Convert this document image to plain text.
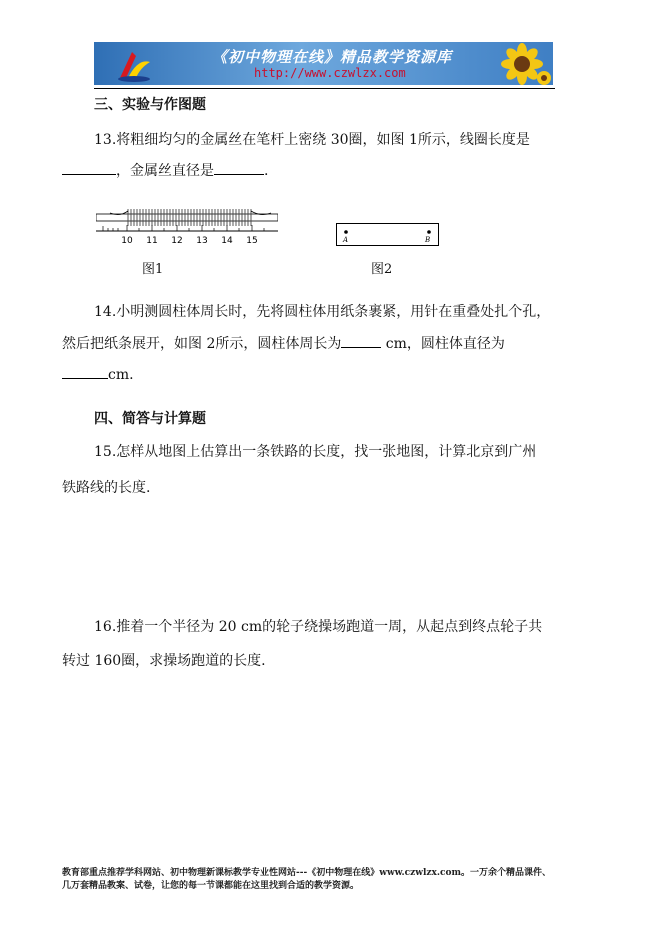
《初中物理在线》精品教学资源库
http://www.czwlzx.com
三、实验与作图题
13.将粗细均匀的金属丝在笔杆上密绕 30圈，如图 1所示，线圈长度是
，金属丝直径是	.
10 11 12 13 14 15
图1
A	B
图2
14.小明测圆柱体周长时，先将圆柱体用纸条裹紧，用针在重叠处扎个孔，
然后把纸条展开，如图 2所示，圆柱体周长为	cm，圆柱体直径为
cm.
四、简答与计算题
15.怎样从地图上估算出一条铁路的长度，找一张地图，计算北京到广州
铁路线的长度.
16.推着一个半径为 20 cm的轮子绕操场跑道一周，从起点到终点轮子共
转过 160圈，求操场跑道的长度.
教育部重点推荐学科网站、初中物理新课标教学专业性网站---《初中物理在线》www.czwlzx.com。一万余个精品课件、
几万套精品教案、试卷，让您的每一节课都能在这里找到合适的教学资源。
